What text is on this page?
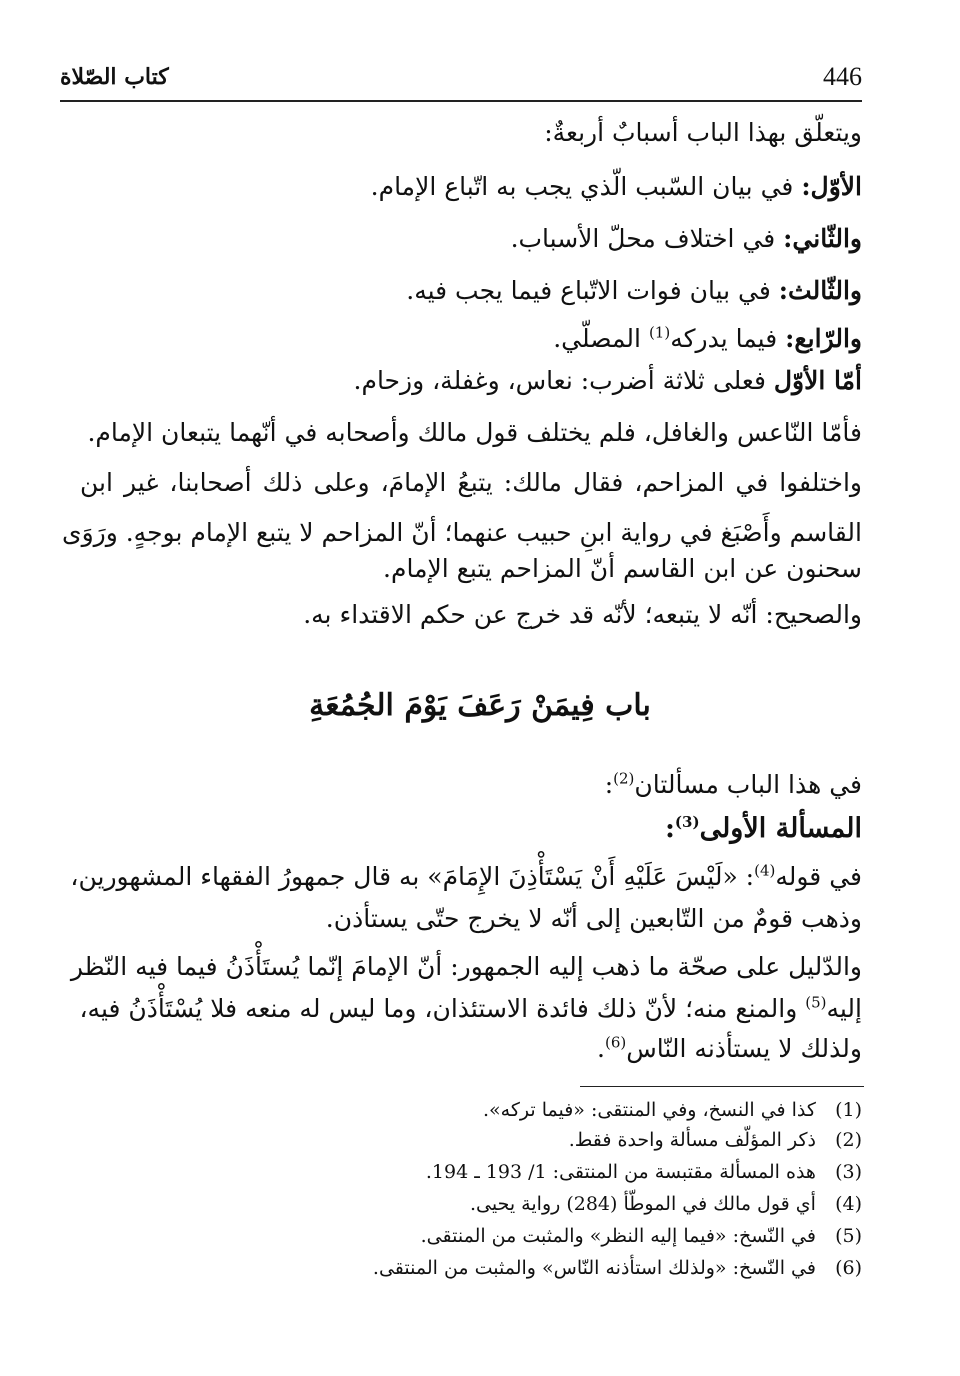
446
كتاب الصّلاة
ويتعلّق بهذا الباب أسبابٌ أربعةٌ:
الأوّل: في بيان السّبب الّذي يجب به اتّباع الإمام.
والثّاني: في اختلاف محلّ الأسباب.
والثّالث: في بيان فوات الاتّباع فيما يجب فيه.
والرّابع: فيما يدركه$^{(1)}$ المصلّي.
أمّا الأوّل فعلى ثلاثة أضرب: نعاس، وغفلة، وزحام.
فأمّا النّاعس والغافل، فلم يختلف قول مالك وأصحابه في أنّهما يتبعان الإمام.
واختلفوا في المزاحم، فقال مالك: يتبعُ الإمامَ، وعلى ذلك أصحابنا، غير ابن
القاسم وأَصْبَغ في رواية ابنِ حبيب عنهما؛ أنّ المزاحم لا يتبع الإمام بوجهٍ. ورَوَى
سحنون عن ابن القاسم أنّ المزاحم يتبع الإمام.
والصحيح: أنّه لا يتبعه؛ لأنّه قد خرج عن حكم الاقتداء به.
باب فِيمَنْ رَعَفَ يَوْمَ الجُمُعَةِ
في هذا الباب مسألتان$^{(2)}$:
المسألة الأولى$^{(3)}$:
في قوله$^{(4)}$: «لَيْسَ عَلَيْهِ أَنْ يَسْتَأْذِنَ الإِمَامَ» به قال جمهورُ الفقهاء المشهورين،
وذهب قومٌ من التّابعين إلى أنّه لا يخرج حتّى يستأذن.
والدّليل على صحّة ما ذهب إليه الجمهور: أنّ الإمامَ إنّما يُستَأْذَنُ فيما فيه النّظر
إليه$^{(5)}$ والمنع منه؛ لأنّ ذلك فائدة الاستئذان، وما ليس له منعه فلا يُسْتَأْذَنُ فيه،
ولذلك لا يستأذنه النّاس$^{(6)}$.
(1) كذا في النسخ، وفي المنتقى: «فيما تركه».
(2) ذكر المؤلّف مسألة واحدة فقط.
(3) هذه المسألة مقتبسة من المنتقى: 1/ 193 ـ 194.
(4) أي قول مالك في الموطّأ (284) رواية يحيى.
(5) في النّسخ: «فيما إليه النظر» والمثبت من المنتقى.
(6) في النّسخ: «ولذلك استأذنه النّاس» والمثبت من المنتقى.
